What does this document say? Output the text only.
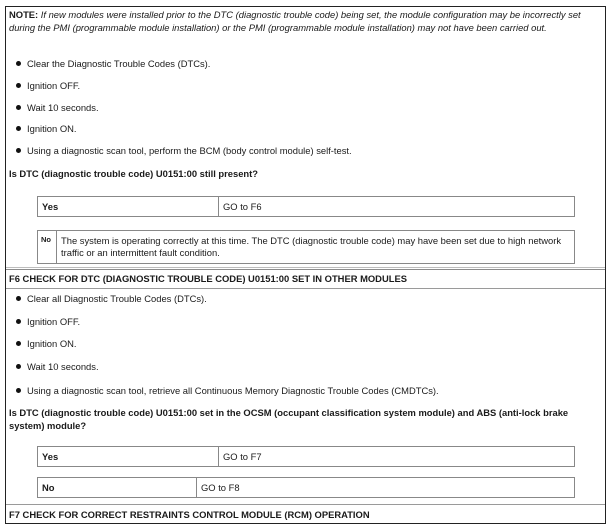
NOTE: If new modules were installed prior to the DTC (diagnostic trouble code) being set, the module configuration may be incorrectly set during the PMI (programmable module installation) or the PMI (programmable module installation) may not have been carried out.
Clear the Diagnostic Trouble Codes (DTCs).
Ignition OFF.
Wait 10 seconds.
Ignition ON.
Using a diagnostic scan tool, perform the BCM (body control module) self-test.
Is DTC (diagnostic trouble code) U0151:00 still present?
Yes	GO to F6
No	The system is operating correctly at this time. The DTC (diagnostic trouble code) may have been set due to high network traffic or an intermittent fault condition.
F6 CHECK FOR DTC (DIAGNOSTIC TROUBLE CODE) U0151:00 SET IN OTHER MODULES
Clear all Diagnostic Trouble Codes (DTCs).
Ignition OFF.
Ignition ON.
Wait 10 seconds.
Using a diagnostic scan tool, retrieve all Continuous Memory Diagnostic Trouble Codes (CMDTCs).
Is DTC (diagnostic trouble code) U0151:00 set in the OCSM (occupant classification system module) and ABS (anti-lock brake system) module?
Yes	GO to F7
No	GO to F8
F7 CHECK FOR CORRECT RESTRAINTS CONTROL MODULE (RCM) OPERATION
